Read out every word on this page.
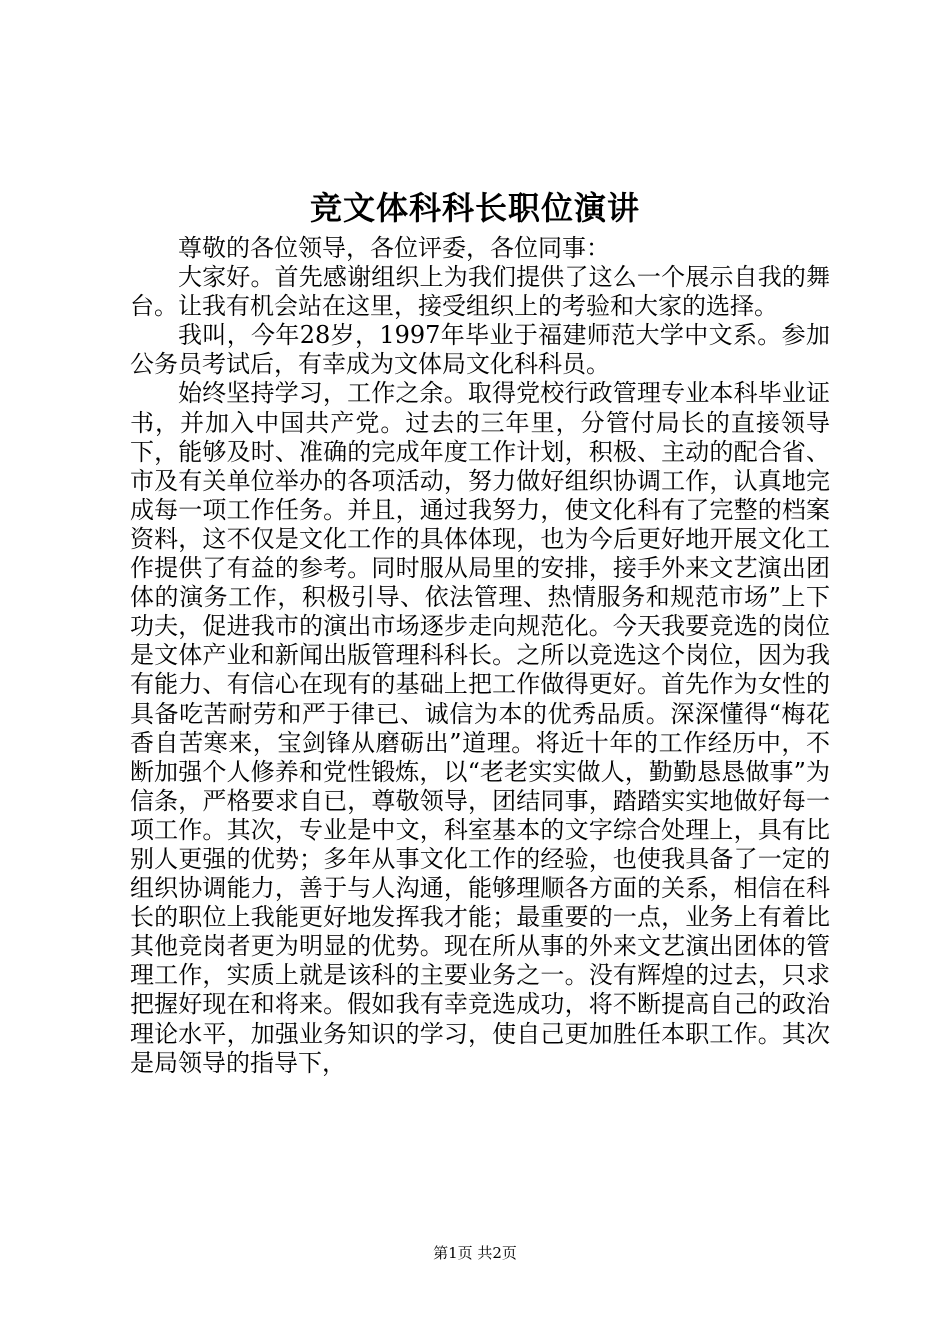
竞文体科科长职位演讲

尊敬的各位领导，各位评委，各位同事：

大家好。首先感谢组织上为我们提供了这么一个展示自我的舞台。让我有机会站在这里，接受组织上的考验和大家的选择。

我叫，今年28岁，1997年毕业于福建师范大学中文系。参加公务员考试后，有幸成为文体局文化科科员。

始终坚持学习，工作之余。取得党校行政管理专业本科毕业证书，并加入中国共产党。过去的三年里，分管付局长的直接领导下，能够及时、准确的完成年度工作计划，积极、主动的配合省、市及有关单位举办的各项活动，努力做好组织协调工作，认真地完成每一项工作任务。并且，通过我努力，使文化科有了完整的档案资料，这不仅是文化工作的具体体现，也为今后更好地开展文化工作提供了有益的参考。同时服从局里的安排，接手外来文艺演出团体的演务工作，积极引导、依法管理、热情服务和规范市场”上下功夫，促进我市的演出市场逐步走向规范化。今天我要竞选的岗位是文体产业和新闻出版管理科科长。之所以竞选这个岗位，因为我有能力、有信心在现有的基础上把工作做得更好。首先作为女性的具备吃苦耐劳和严于律已、诚信为本的优秀品质。深深懂得“梅花香自苦寒来，宝剑锋从磨砺出”道理。将近十年的工作经历中，不断加强个人修养和党性锻炼，以“老老实实做人，勤勤恳恳做事”为信条，严格要求自已，尊敬领导，团结同事，踏踏实实地做好每一项工作。其次，专业是中文，科室基本的文字综合处理上，具有比别人更强的优势；多年从事文化工作的经验，也使我具备了一定的组织协调能力，善于与人沟通，能够理顺各方面的关系，相信在科长的职位上我能更好地发挥我才能；最重要的一点，业务上有着比其他竞岗者更为明显的优势。现在所从事的外来文艺演出团体的管理工作，实质上就是该科的主要业务之一。没有辉煌的过去，只求把握好现在和将来。假如我有幸竞选成功，将不断提高自己的政治理论水平，加强业务知识的学习，使自己更加胜任本职工作。其次是局领导的指导下，

第1页 共2页
